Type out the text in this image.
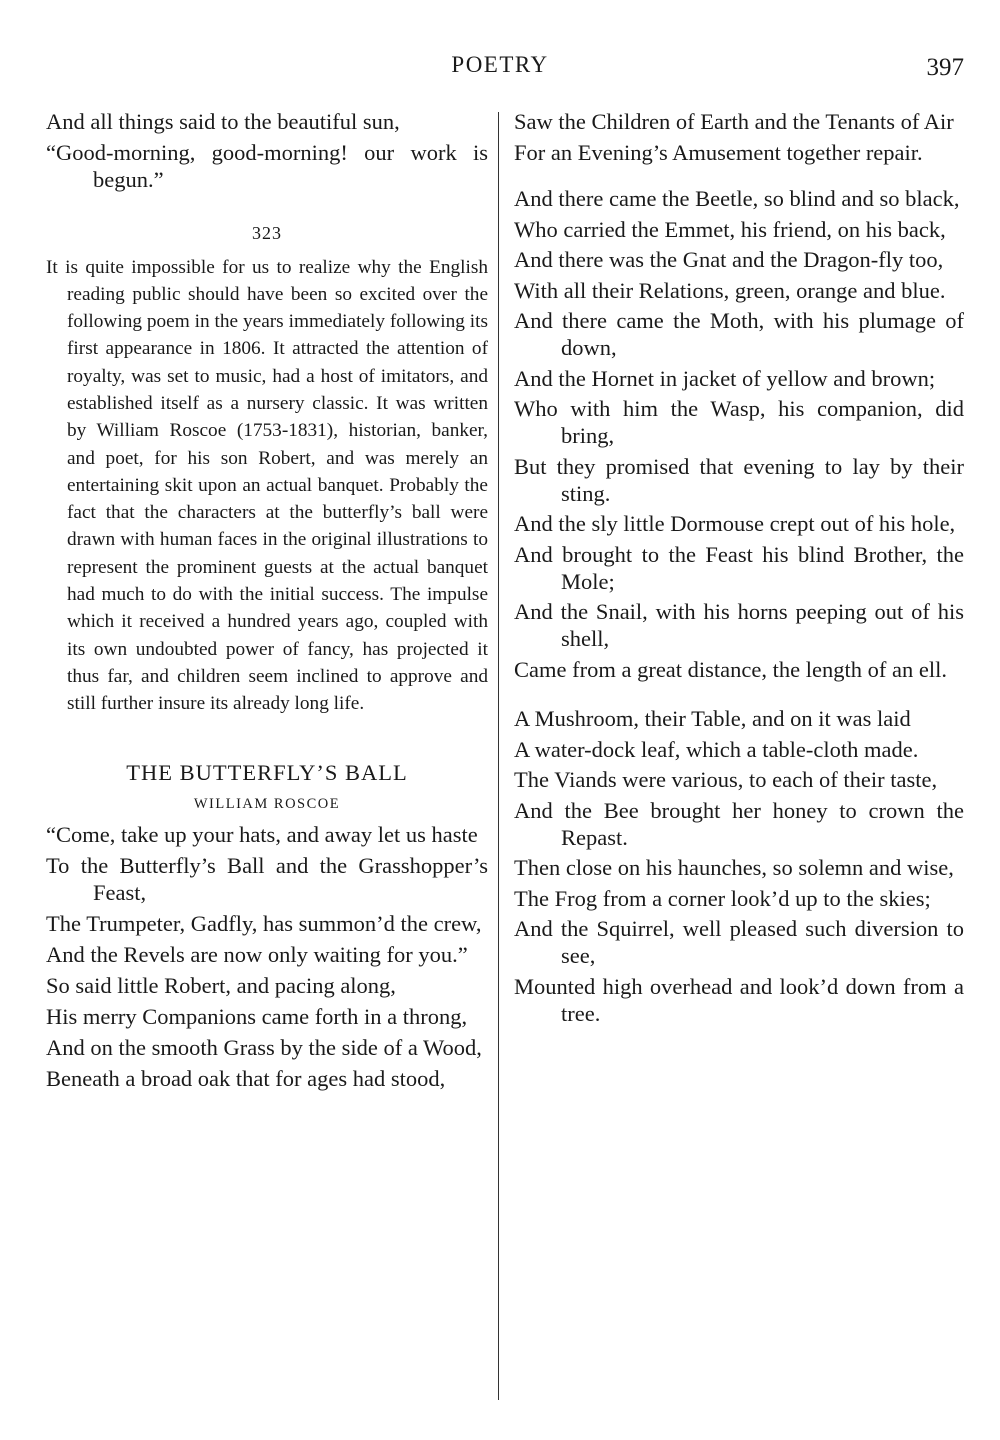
POETRY	397

And all things said to the beautiful sun,

“Good-morning, good-morning! our work is begun.”

323

It is quite impossible for us to realize why the English reading public should have been so excited over the following poem in the years immediately following its first appearance in 1806. It attracted the attention of royalty, was set to music, had a host of imitators, and established itself as a nursery classic. It was written by William Roscoe (1753-1831), historian, banker, and poet, for his son Robert, and was merely an entertaining skit upon an actual banquet. Probably the fact that the characters at the butterfly’s ball were drawn with human faces in the original illustrations to represent the prominent guests at the actual banquet had much to do with the initial success. The impulse which it received a hundred years ago, coupled with its own undoubted power of fancy, has projected it thus far, and children seem inclined to approve and still further insure its already long life.

THE BUTTERFLY’S BALL
WILLIAM ROSCOE

“Come, take up your hats, and away let us haste

To the Butterfly’s Ball and the Grasshopper’s Feast,

The Trumpeter, Gadfly, has summon’d the crew,

And the Revels are now only waiting for you.”

So said little Robert, and pacing along,

His merry Companions came forth in a throng,

And on the smooth Grass by the side of a Wood,

Beneath a broad oak that for ages had stood,

Saw the Children of Earth and the Tenants of Air

For an Evening’s Amusement together repair.

And there came the Beetle, so blind and so black,

Who carried the Emmet, his friend, on his back,

And there was the Gnat and the Dragon-fly too,

With all their Relations, green, orange and blue.

And there came the Moth, with his plumage of down,

And the Hornet in jacket of yellow and brown;

Who with him the Wasp, his companion, did bring,

But they promised that evening to lay by their sting.

And the sly little Dormouse crept out of his hole,

And brought to the Feast his blind Brother, the Mole;

And the Snail, with his horns peeping out of his shell,

Came from a great distance, the length of an ell.

A Mushroom, their Table, and on it was laid

A water-dock leaf, which a table-cloth made.

The Viands were various, to each of their taste,

And the Bee brought her honey to crown the Repast.

Then close on his haunches, so solemn and wise,

The Frog from a corner look’d up to the skies;

And the Squirrel, well pleased such diversion to see,

Mounted high overhead and look’d down from a tree.
